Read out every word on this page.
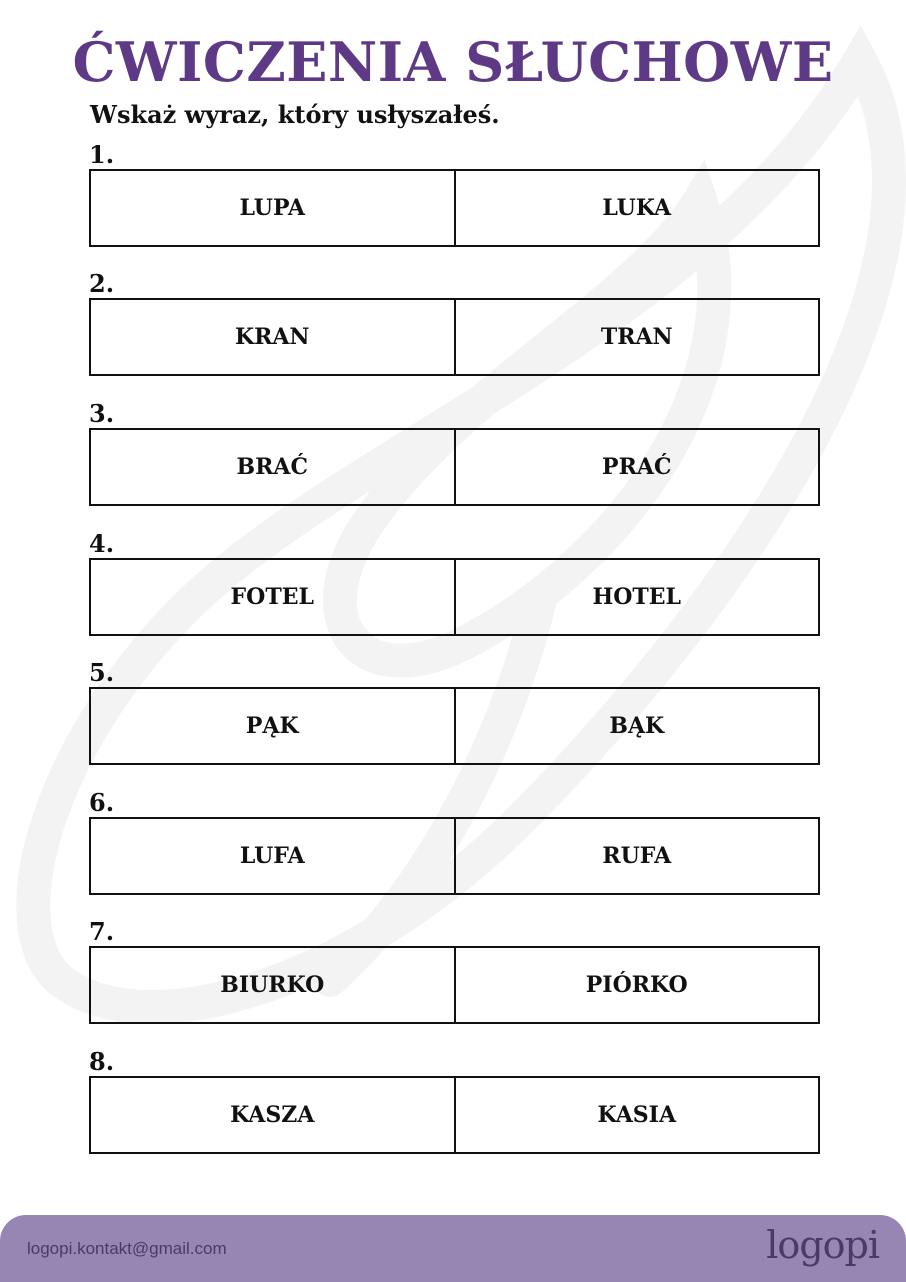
ĆWICZENIA SŁUCHOWE
Wskaż wyraz, który usłyszałeś.
1.
LUPA	LUKA
2.
KRAN	TRAN
3.
BRAĆ	PRAĆ
4.
FOTEL	HOTEL
5.
PĄK	BĄK
6.
LUFA	RUFA
7.
BIURKO	PIÓRKO
8.
KASZA	KASIA
logopi.kontakt@gmail.com	logopi
